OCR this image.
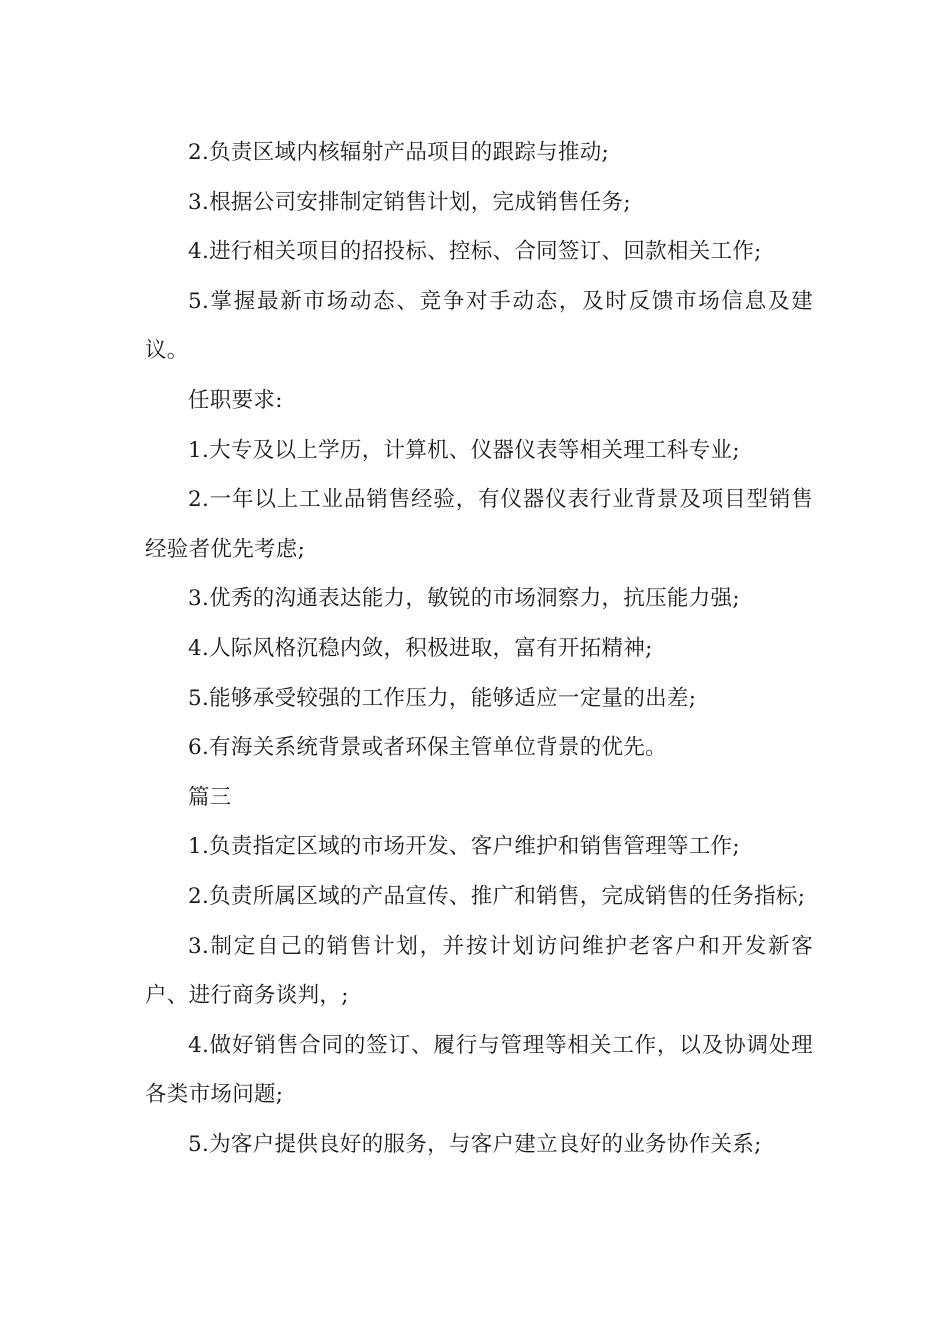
2.负责区域内核辐射产品项目的跟踪与推动;

3.根据公司安排制定销售计划，完成销售任务;

4.进行相关项目的招投标、控标、合同签订、回款相关工作;

5.掌握最新市场动态、竞争对手动态，及时反馈市场信息及建议。

任职要求:

1.大专及以上学历，计算机、仪器仪表等相关理工科专业;

2.一年以上工业品销售经验，有仪器仪表行业背景及项目型销售经验者优先考虑;

3.优秀的沟通表达能力，敏锐的市场洞察力，抗压能力强;

4.人际风格沉稳内敛，积极进取，富有开拓精神;

5.能够承受较强的工作压力，能够适应一定量的出差;

6.有海关系统背景或者环保主管单位背景的优先。

篇三

1.负责指定区域的市场开发、客户维护和销售管理等工作;

2.负责所属区域的产品宣传、推广和销售，完成销售的任务指标;

3.制定自己的销售计划，并按计划访问维护老客户和开发新客户、进行商务谈判，;

4.做好销售合同的签订、履行与管理等相关工作，以及协调处理各类市场问题;

5.为客户提供良好的服务，与客户建立良好的业务协作关系;
